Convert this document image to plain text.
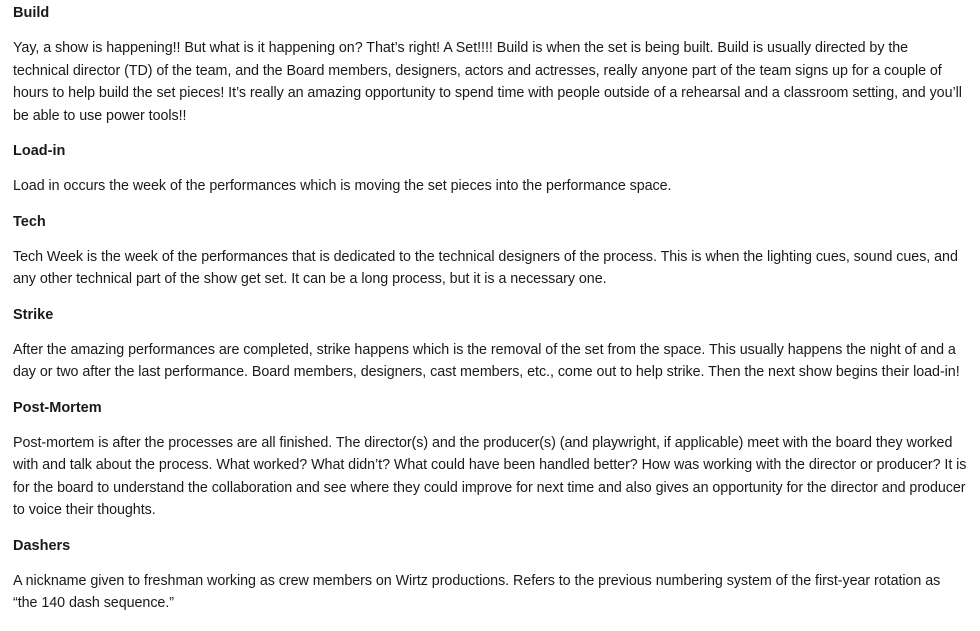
Build

Yay, a show is happening!! But what is it happening on? That’s right! A Set!!!! Build is when the set is being built. Build is usually directed by the technical director (TD) of the team, and the Board members, designers, actors and actresses, really anyone part of the team signs up for a couple of hours to help build the set pieces! It’s really an amazing opportunity to spend time with people outside of a rehearsal and a classroom setting, and you’ll be able to use power tools!!

Load-in

Load in occurs the week of the performances which is moving the set pieces into the performance space.

Tech

Tech Week is the week of the performances that is dedicated to the technical designers of the process. This is when the lighting cues, sound cues, and any other technical part of the show get set. It can be a long process, but it is a necessary one.

Strike

After the amazing performances are completed, strike happens which is the removal of the set from the space. This usually happens the night of and a day or two after the last performance. Board members, designers, cast members, etc., come out to help strike. Then the next show begins their load-in!

Post-Mortem

Post-mortem is after the processes are all finished. The director(s) and the producer(s) (and playwright, if applicable) meet with the board they worked with and talk about the process. What worked? What didn’t? What could have been handled better? How was working with the director or producer? It is for the board to understand the collaboration and see where they could improve for next time and also gives an opportunity for the director and producer to voice their thoughts.

Dashers

A nickname given to freshman working as crew members on Wirtz productions. Refers to the previous numbering system of the first-year rotation as “the 140 dash sequence.”
